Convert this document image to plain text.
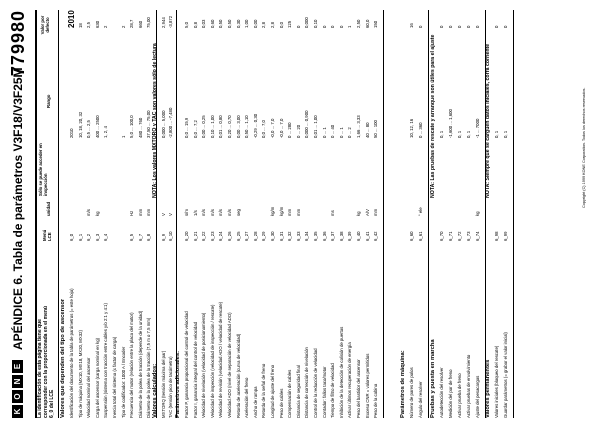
K
O
N
E
APÉNDICE 6. Tabla de parámetros V3F18/V3F25M
779980
La identificación de esta página tiene que corresponder con la proporcionada en el menú 6_0 del LCE
Menú LCE
unidad
Sólo se puede acceder en inspección
Rango
Valor por defecto
Valores que dependen del tipo de ascensor Identificación del documento de la tabla de parámetros (= este hoja)
6_0
2010
2010
Tipo de máquina (MX10, MX18, MX20, MX32)
6_1
10, 18, 20, 32
18
Velocidad nominal del ascensor
6_2
m/s
0,5 ... 2,5
2,5
Carga del ascensor (carga nominal en kg)
6_3
kg
400 ... 2500
630
Suspensión (sistema con tracción entre cables y/o 2:1 y 4:1)
6_4
1, 2, 4
2
Inercia total del sistema (x factor de carga) Tipo de codificador: 1000 A / Encoder
1
2
Frecuencia del motor (relación entre la placa del motor)
6_5
Hz
5,0 ... 100,0
28,7
Diámetro de la polea de tracción (depende de la unidad)
6_7
mm
480 ... 760
660
Diámetro de la polea de la tracción (7,5 m o 7,5 mm)
6_8
mm
37,50 ... 75,00
75,00
Valores calculados:
NOTA: Los valores MXTORQ y TAC son valores sólo de lectura
MXTORQ (tensión máxima del par)
6_9
V
0,000 ... 5,000
2,944
TAC (tensión pico de tacómetro)
6_10
V
-2,800 ... -7,480
-3,872
Parámetros adicionales: Factor P, ganancia proporcional del control de velocidad
6_20
s/m
0,0 ... 15,9
5,0
Factor I, ganancia integral del control de velocidad
6_21
1/s
0,0 ... 7,2
0,8
Velocidad de nivelación (velocidad de posicionamiento)
6_22
m/s
0,00 ... 0,25
0,03
Velocidad de inspección (velocidad de inspección / rescate)
6_23
m/s
0,10 ... 1,00
0,60
Velocidad de revisión (velocidad ADO / velocidad de rescate)
6_24
m/s
0,01 ... 0,80
0,50
Velocidad ADO (nivel de separación de velocidad ADO)
6_26
m/s
0,20 ... 0,70
0,50
Retardo de aceleración (curva de velocidad)
6_25
seg
0,00 ... 3,00
0,30
Aceleración del freno
6_27
0,50 ... 1,10
1,00
Ancho de rampa
6_28
-0,29 ... 0,30
0,00
Retardo de la señal de freno
6_29
0,0 ... 7,0
2,8
Longitud de ajuste del freno
6_30
kg/m
-0,0 ... 7,0
2,8
Peso de cables
6_31
kg/m
-0,0 ... 7,0
0,0
Compensación de cables
6_32
mm
0 ... 280
125
Distancia de seguridad final
6_33
mm
0 ... 20
0
Distancia de corrección de nivelación
6_34
0,000 ... 0,900
0,000
Control de la reducción de velocidad
6_35
0,01 ... 1,00
0,10
Contador: fallos taco/motor
6_36
0 ... 1
0
Tiempo de filtro de velocidad
6_37
ms
0 ... 40
0
Inhibición de la detección de colisión de puertas
6_38
0 ... 1
0
Activar últimos recuperación de energía
6_39
0 ... 2
1
Peso del bastidor del ascensor
6_40
kg
1,66 ... 3,33
2,50
Exceso CNR = valores permitidos
6_41
A/V
40 ... 80
60,0
Peso de la cabina
6_42
mm
50 ... 100
150
Parámetros de máquina: Número de pares de polos
6_60
10, 12, 16
16
Ángulo del resolver
6_61
° ele
0 ... 360
0
Pruebas y puesta en marcha
NOTA: Las pruebas de rescate y arranque son útiles para el ajuste
Autodetección del resolver
6_70
0, 1
0
Medición del par de freno
6_71
-1,600 ... 1,600
0
Activar prueba de freno
6_72
0, 1
0
Activar pruebas de envolvimiento
6_73
0, 1
0
Ajuste del pesacargas
6_74
kg
-1 ... 7000
0
Valores permanentes
NOTA: Siempre que se carguen datos iniciales, corra corriente
Valores iniciales (bloqueo del rescate)
6_98
0, 1
0
Guardar parámetros (= grabar el valor inicial)
6_99
0, 1
0
Copyright (C) 1999 KONE Corporation. Todos los derechos reservados.
